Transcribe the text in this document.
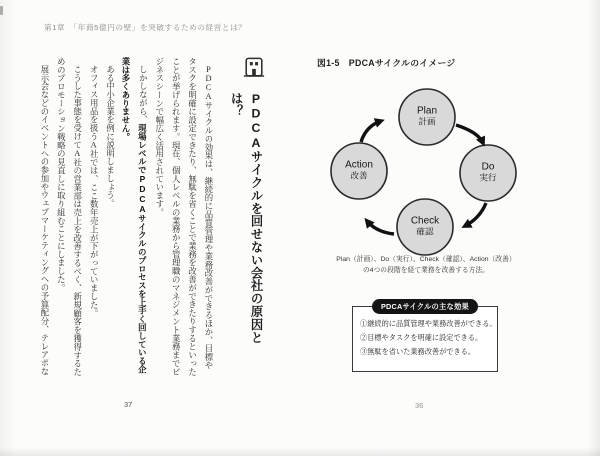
第1章　「年商5億円の壁」を突破するための経営とは？
PDCAサイクルを回せない会社の原因とは？

PDCAサイクルの効果は、継続的に品質管理や業務改善ができるほか、目標やタスクを明確に設定できたり、無駄を省くことで業務を改善ができたりするといったことが挙げられます。現在、個人レベルの業務から管理職のマネジメント業務までビジネスシーンで幅広く活用されています。

しかしながら、現場レベルでPDCAサイクルのプロセスを上手く回している企業は多くありません。

ある中小企業を例に説明しましょう。

オフィス用品を扱うA社では、ここ数年売上が下がっていました。

こうした事態を受けてA社の営業部は売上を改善するべく、新規顧客を獲得するためのプロモーション戦略の見直しに取り組むことにしました。

展示会などのイベントへの参加やウェブマーケティングへの予算配分、テレアポな

37
図1-5　PDCAサイクルのイメージ
Plan
計画
Do
実行
Check
確認
Action
改善
Plan（計画）、Do（実行）、Check（確認）、Action（改善）
の4つの段階を経て業務を改善する方法。
PDCAサイクルの主な効果
①継続的に品質管理や業務改善ができる。
②目標やタスクを明確に設定できる。
③無駄を省いた業務改善ができる。
36
